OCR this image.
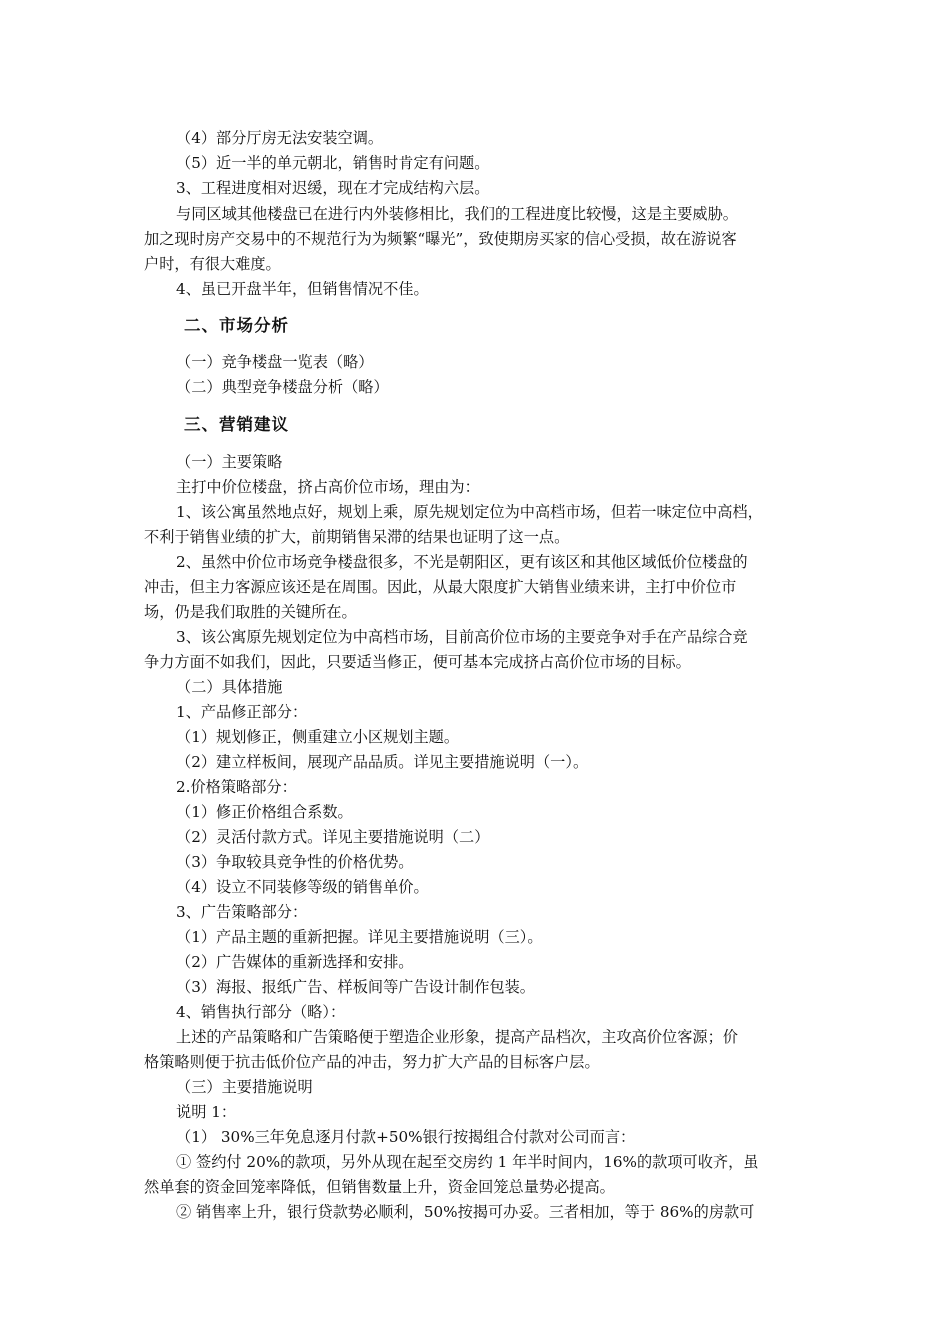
（4）部分厅房无法安装空调。
（5）近一半的单元朝北，销售时肯定有问题。
3、工程进度相对迟缓，现在才完成结构六层。
与同区域其他楼盘已在进行内外装修相比，我们的工程进度比较慢，这是主要威胁。
加之现时房产交易中的不规范行为为频繁“曝光”，致使期房买家的信心受损，故在游说客
户时，有很大难度。
4、虽已开盘半年，但销售情况不佳。
二、市场分析
（一）竞争楼盘一览表（略）
（二）典型竞争楼盘分析（略）
三、营销建议
（一）主要策略
主打中价位楼盘，挤占高价位市场，理由为：
1、该公寓虽然地点好，规划上乘，原先规划定位为中高档市场，但若一味定位中高档，
不利于销售业绩的扩大，前期销售呆滞的结果也证明了这一点。
2、虽然中价位市场竞争楼盘很多，不光是朝阳区，更有该区和其他区域低价位楼盘的
冲击，但主力客源应该还是在周围。因此，从最大限度扩大销售业绩来讲，主打中价位市
场，仍是我们取胜的关键所在。
3、该公寓原先规划定位为中高档市场，目前高价位市场的主要竞争对手在产品综合竞
争力方面不如我们，因此，只要适当修正，便可基本完成挤占高价位市场的目标。
（二）具体措施
1、产品修正部分：
（1）规划修正，侧重建立小区规划主题。
（2）建立样板间，展现产品品质。详见主要措施说明（一）。
2.价格策略部分：
（1）修正价格组合系数。
（2）灵活付款方式。详见主要措施说明（二）
（3）争取较具竞争性的价格优势。
（4）设立不同装修等级的销售单价。
3、广告策略部分：
（1）产品主题的重新把握。详见主要措施说明（三）。
（2）广告媒体的重新选择和安排。
（3）海报、报纸广告、样板间等广告设计制作包装。
4、销售执行部分（略）：
上述的产品策略和广告策略便于塑造企业形象，提高产品档次，主攻高价位客源；价
格策略则便于抗击低价位产品的冲击，努力扩大产品的目标客户层。
（三）主要措施说明
说明 1：
（1） 30%三年免息逐月付款+50%银行按揭组合付款对公司而言：
① 签约付 20%的款项，另外从现在起至交房约 1 年半时间内，16%的款项可收齐，虽
然单套的资金回笼率降低，但销售数量上升，资金回笼总量势必提高。
② 销售率上升，银行贷款势必顺利，50%按揭可办妥。三者相加，等于 86%的房款可
